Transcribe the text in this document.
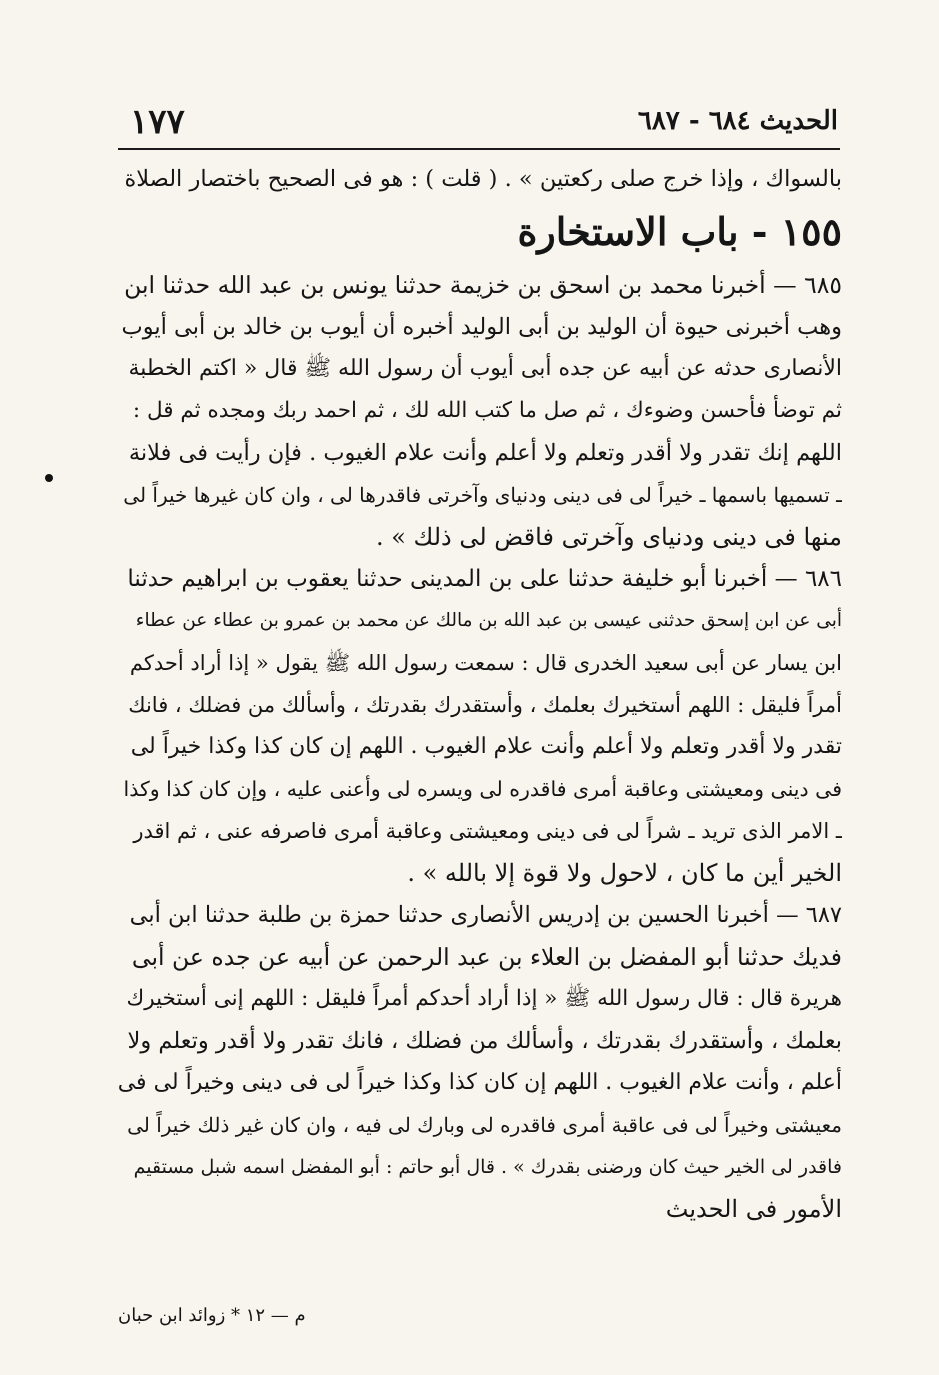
١٧٧	الحديث ٦٨٤ - ٦٨٧
بالسواك ، وإذا خرج صلى ركعتين » . ( قلت ) : هو فى الصحيح باختصار الصلاة
١٥٥ - باب الاستخارة
٦٨٥ — أخبرنا محمد بن اسحق بن خزيمة حدثنا يونس بن عبد الله حدثنا ابن
وهب أخبرنى حيوة أن الوليد بن أبى الوليد أخبره أن أيوب بن خالد بن أبى أيوب
الأنصارى حدثه عن أبيه عن جده أبى أيوب أن رسول الله ﷺ قال « اكتم الخطبة
ثم توضأ فأحسن وضوءك ، ثم صل ما كتب الله لك ، ثم احمد ربك ومجده ثم قل :
اللهم إنك تقدر ولا أقدر وتعلم ولا أعلم وأنت علام الغيوب . فإن رأيت فى فلانة
ـ تسميها باسمها ـ خيراً لى فى دينى ودنياى وآخرتى فاقدرها لى ، وان كان غيرها خيراً لى
منها فى دينى ودنياى وآخرتى فاقض لى ذلك » .
٦٨٦ — أخبرنا أبو خليفة حدثنا على بن المدينى حدثنا يعقوب بن ابراهيم حدثنا
أبى عن ابن إسحق حدثنى عيسى بن عبد الله بن مالك عن محمد بن عمرو بن عطاء عن عطاء
ابن يسار عن أبى سعيد الخدرى قال : سمعت رسول الله ﷺ يقول « إذا أراد أحدكم
أمراً فليقل : اللهم أستخيرك بعلمك ، وأستقدرك بقدرتك ، وأسألك من فضلك ، فانك
تقدر ولا أقدر وتعلم ولا أعلم وأنت علام الغيوب . اللهم إن كان كذا وكذا خيراً لى
فى دينى ومعيشتى وعاقبة أمرى فاقدره لى ويسره لى وأعنى عليه ، وإن كان كذا وكذا
ـ الامر الذى تريد ـ شراً لى فى دينى ومعيشتى وعاقبة أمرى فاصرفه عنى ، ثم اقدر
الخير أين ما كان ، لاحول ولا قوة إلا بالله » .
٦٨٧ — أخبرنا الحسين بن إدريس الأنصارى حدثنا حمزة بن طلبة حدثنا ابن أبى
فديك حدثنا أبو المفضل بن العلاء بن عبد الرحمن عن أبيه عن جده عن أبى
هريرة قال : قال رسول الله ﷺ « إذا أراد أحدكم أمراً فليقل : اللهم إنى أستخيرك
بعلمك ، وأستقدرك بقدرتك ، وأسألك من فضلك ، فانك تقدر ولا أقدر وتعلم ولا
أعلم ، وأنت علام الغيوب . اللهم إن كان كذا وكذا خيراً لى فى دينى وخيراً لى فى
معيشتى وخيراً لى فى عاقبة أمرى فاقدره لى وبارك لى فيه ، وان كان غير ذلك خيراً لى
فاقدر لى الخير حيث كان ورضنى بقدرك » . قال أبو حاتم : أبو المفضل اسمه شبل مستقيم
الأمور فى الحديث
م — ١٢ * زوائد ابن حبان
